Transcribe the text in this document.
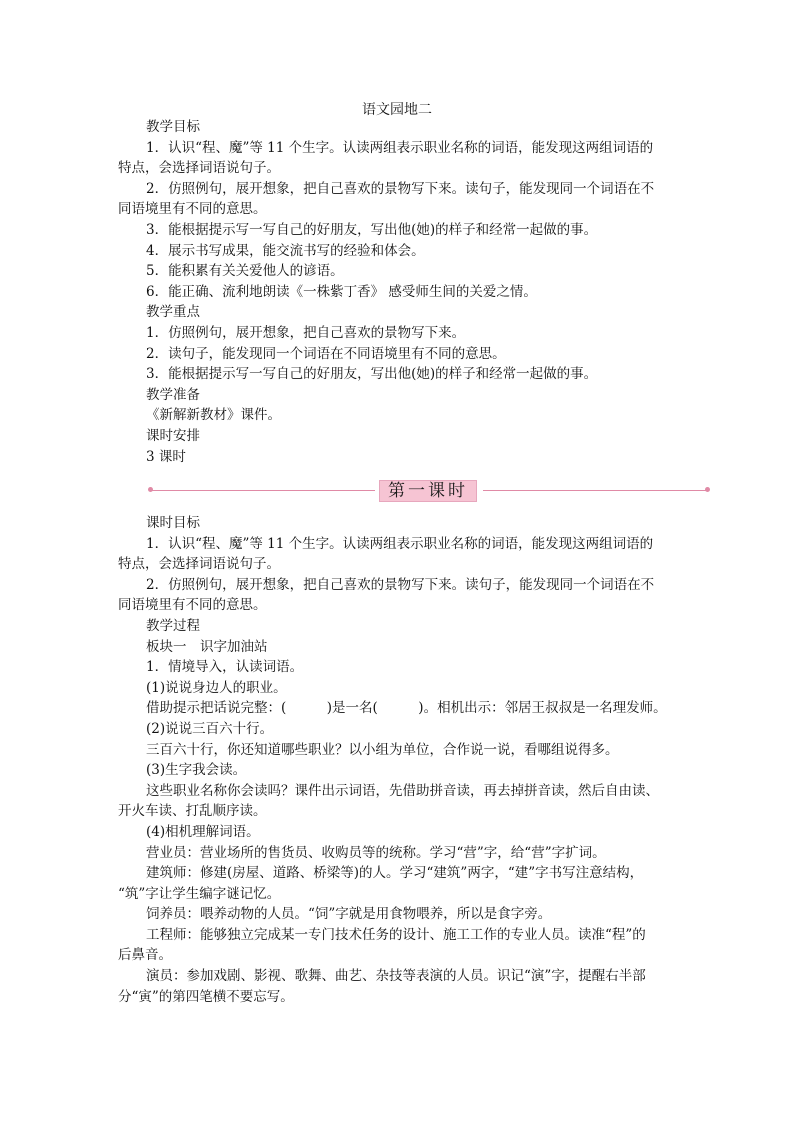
语文园地二
教学目标
1．认识“程、魔”等 11 个生字。认读两组表示职业名称的词语，能发现这两组词语的
特点，会选择词语说句子。
2．仿照例句，展开想象，把自己喜欢的景物写下来。读句子，能发现同一个词语在不
同语境里有不同的意思。
3．能根据提示写一写自己的好朋友，写出他(她)的样子和经常一起做的事。
4．展示书写成果，能交流书写的经验和体会。
5．能积累有关关爱他人的谚语。
6．能正确、流利地朗读《一株紫丁香》 感受师生间的关爱之情。
教学重点
1．仿照例句，展开想象，把自己喜欢的景物写下来。
2．读句子，能发现同一个词语在不同语境里有不同的意思。
3．能根据提示写一写自己的好朋友，写出他(她)的样子和经常一起做的事。
教学准备
《新解新教材》课件。
课时安排
3 课时
第一课时
课时目标
1．认识“程、魔”等 11 个生字。认读两组表示职业名称的词语，能发现这两组词语的
特点，会选择词语说句子。
2．仿照例句，展开想象，把自己喜欢的景物写下来。读句子，能发现同一个词语在不
同语境里有不同的意思。
教学过程
板块一　识字加油站
1．情境导入，认读词语。
(1)说说身边人的职业。
借助提示把话说完整：(　　　)是一名(　　　)。相机出示：邻居王叔叔是一名理发师。
(2)说说三百六十行。
三百六十行，你还知道哪些职业？以小组为单位，合作说一说，看哪组说得多。
(3)生字我会读。
这些职业名称你会读吗？课件出示词语，先借助拼音读，再去掉拼音读，然后自由读、
开火车读、打乱顺序读。
(4)相机理解词语。
营业员：营业场所的售货员、收购员等的统称。学习“营”字，给“营”字扩词。
建筑师：修建(房屋、道路、桥梁等)的人。学习“建筑”两字，“建”字书写注意结构，
“筑”字让学生编字谜记忆。
饲养员：喂养动物的人员。“饲”字就是用食物喂养，所以是食字旁。
工程师：能够独立完成某一专门技术任务的设计、施工工作的专业人员。读准“程”的
后鼻音。
演员：参加戏剧、影视、歌舞、曲艺、杂技等表演的人员。识记“演”字，提醒右半部
分“寅”的第四笔横不要忘写。
